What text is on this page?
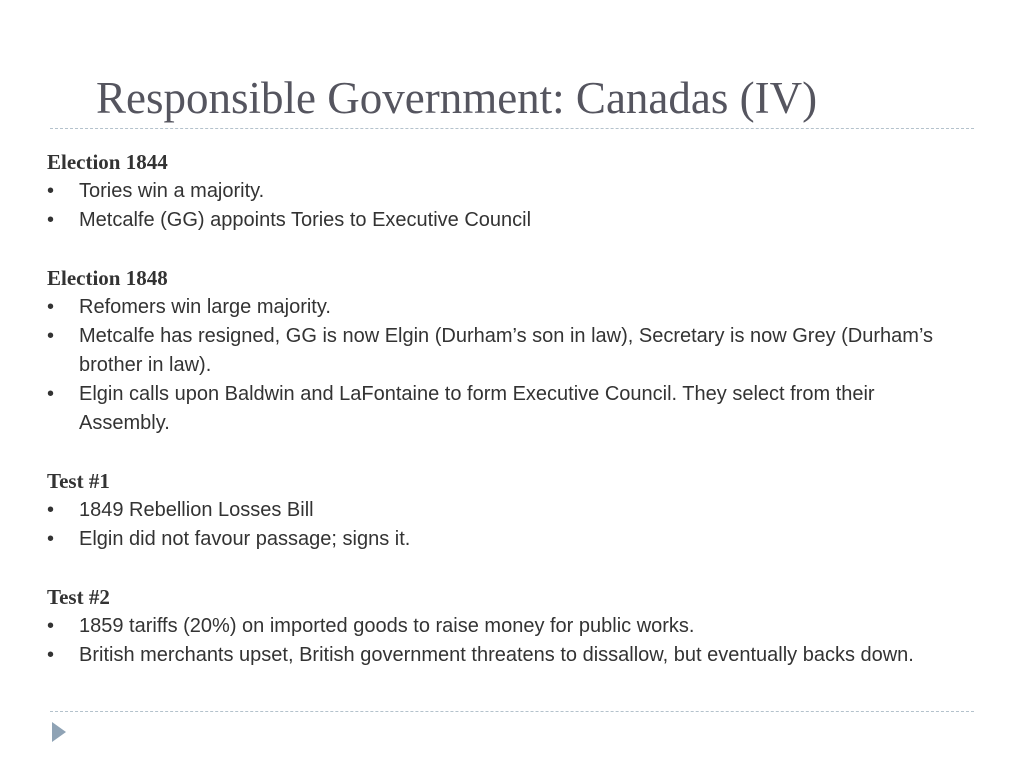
Responsible Government: Canadas (IV)

Election 1844

• Tories win a majority.
• Metcalfe (GG) appoints Tories to Executive Council

Election 1848

• Refomers win large majority.
• Metcalfe has resigned, GG is now Elgin (Durham’s son in law), Secretary is now Grey (Durham’s brother in law).
• Elgin calls upon Baldwin and LaFontaine to form Executive Council. They select from their Assembly.

Test #1

• 1849 Rebellion Losses Bill
• Elgin did not favour passage; signs it.

Test #2

• 1859 tariffs (20%) on imported goods to raise money for public works.
• British merchants upset, British government threatens to dissallow, but eventually backs down.
